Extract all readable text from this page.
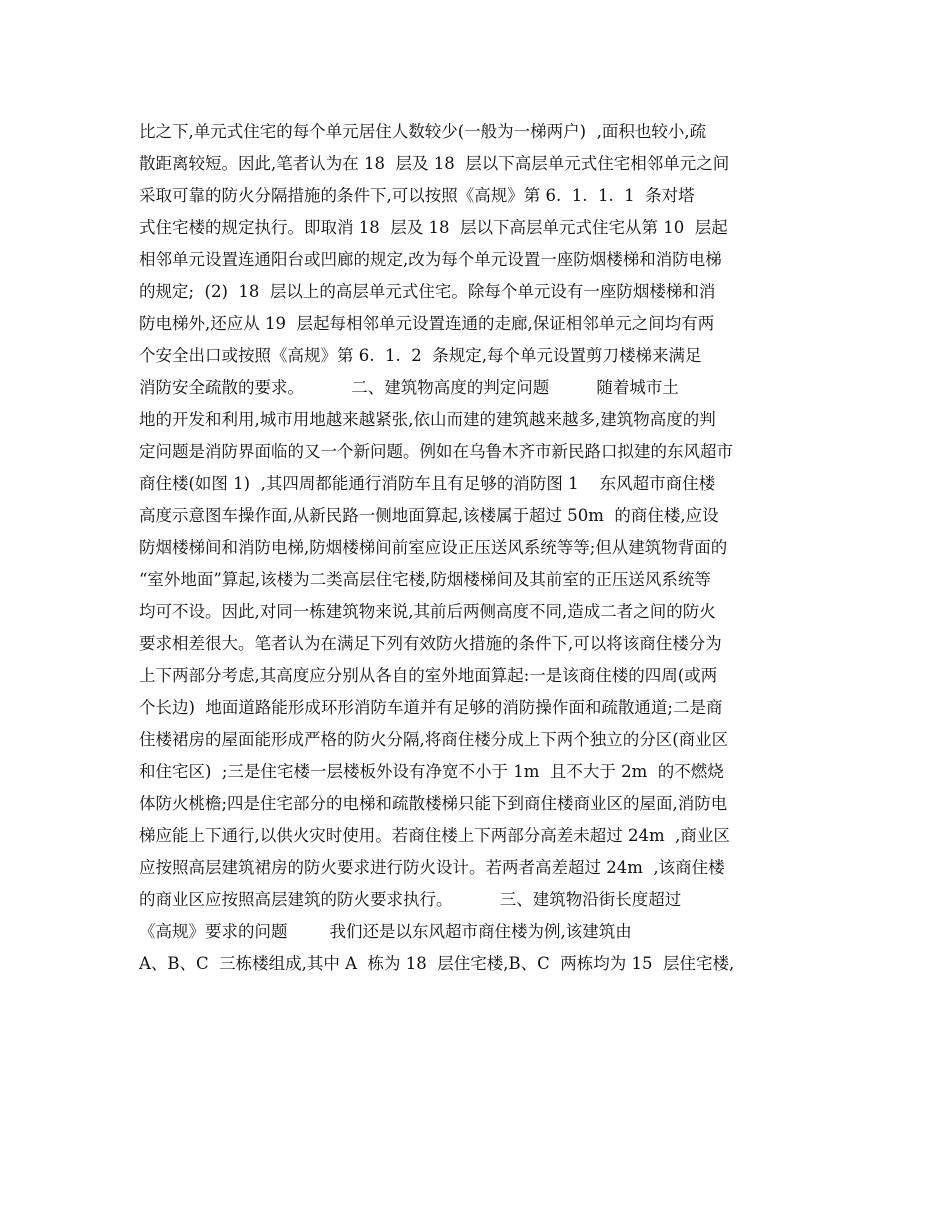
比之下,单元式住宅的每个单元居住人数较少(一般为一梯两户)  ,面积也较小,疏
散距离较短。因此,笔者认为在 18  层及 18  层以下高层单元式住宅相邻单元之间
采取可靠的防火分隔措施的条件下,可以按照《高规》第 6.  1.  1.  1  条对塔
式住宅楼的规定执行。即取消 18  层及 18  层以下高层单元式住宅从第 10  层起
相邻单元设置连通阳台或凹廊的规定,改为每个单元设置一座防烟楼梯和消防电梯
的规定;  (2)  18  层以上的高层单元式住宅。除每个单元设有一座防烟楼梯和消
防电梯外,还应从 19  层起每相邻单元设置连通的走廊,保证相邻单元之间均有两
个安全出口或按照《高规》第 6.  1.  2  条规定,每个单元设置剪刀楼梯来满足
消防安全疏散的要求。         二、建筑物高度的判定问题         随着城市土
地的开发和利用,城市用地越来越紧张,依山而建的建筑越来越多,建筑物高度的判
定问题是消防界面临的又一个新问题。例如在乌鲁木齐市新民路口拟建的东风超市
商住楼(如图 1)  ,其四周都能通行消防车且有足够的消防图 1    东风超市商住楼
高度示意图车操作面,从新民路一侧地面算起,该楼属于超过 50m  的商住楼,应设
防烟楼梯间和消防电梯,防烟楼梯间前室应设正压送风系统等等;但从建筑物背面的
“室外地面”算起,该楼为二类高层住宅楼,防烟楼梯间及其前室的正压送风系统等
均可不设。因此,对同一栋建筑物来说,其前后两侧高度不同,造成二者之间的防火
要求相差很大。笔者认为在满足下列有效防火措施的条件下,可以将该商住楼分为
上下两部分考虑,其高度应分别从各自的室外地面算起:一是该商住楼的四周(或两
个长边)  地面道路能形成环形消防车道并有足够的消防操作面和疏散通道;二是商
住楼裙房的屋面能形成严格的防火分隔,将商住楼分成上下两个独立的分区(商业区
和住宅区)  ;三是住宅楼一层楼板外设有净宽不小于 1m  且不大于 2m  的不燃烧
体防火桃檐;四是住宅部分的电梯和疏散楼梯只能下到商住楼商业区的屋面,消防电
梯应能上下通行,以供火灾时使用。若商住楼上下两部分高差未超过 24m  ,商业区
应按照高层建筑裙房的防火要求进行防火设计。若两者高差超过 24m  ,该商住楼
的商业区应按照高层建筑的防火要求执行。         三、建筑物沿街长度超过
《高规》要求的问题        我们还是以东风超市商住楼为例,该建筑由
A、B、C  三栋楼组成,其中 A  栋为 18  层住宅楼,B、C  两栋均为 15  层住宅楼,
